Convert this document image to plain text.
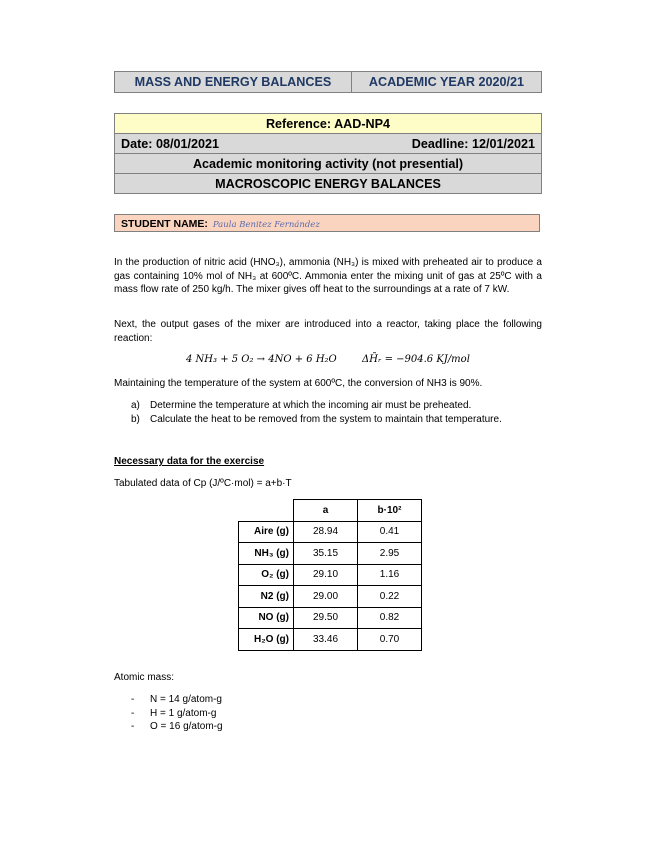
MASS AND ENERGY BALANCES	ACADEMIC YEAR 2020/21
Reference: AAD-NP4
Date: 08/01/2021	Deadline: 12/01/2021
Academic monitoring activity (not presential)
MACROSCOPIC ENERGY BALANCES
STUDENT NAME: Paula Benitez Fernández

In the production of nitric acid (HNO₃), ammonia (NH₃) is mixed with preheated air to produce a gas containing 10% mol of NH₃ at 600ºC. Ammonia enter the mixing unit of gas at 25ºC with a mass flow rate of 250 kg/h. The mixer gives off heat to the surroundings at a rate of 7 kW.

Next, the output gases of the mixer are introduced into a reactor, taking place the following reaction:

4 NH₃ + 5 O₂ → 4NO + 6 H₂O	ΔH̄ᵣ = −904.6 KJ/mol

Maintaining the temperature of the system at 600ºC, the conversion of NH3 is 90%.

a) Determine the temperature at which the incoming air must be preheated.
b) Calculate the heat to be removed from the system to maintain that temperature.
Necessary data for the exercise
Tabulated data of Cp (J/ºC·mol) = a+b·T
	a	b·10²
Aire (g)	28.94	0.41
NH₃ (g)	35.15	2.95
O₂ (g)	29.10	1.16
N2 (g)	29.00	0.22
NO (g)	29.50	0.82
H₂O (g)	33.46	0.70
Atomic mass:
- N = 14 g/atom-g
- H = 1 g/atom-g
- O = 16 g/atom-g
